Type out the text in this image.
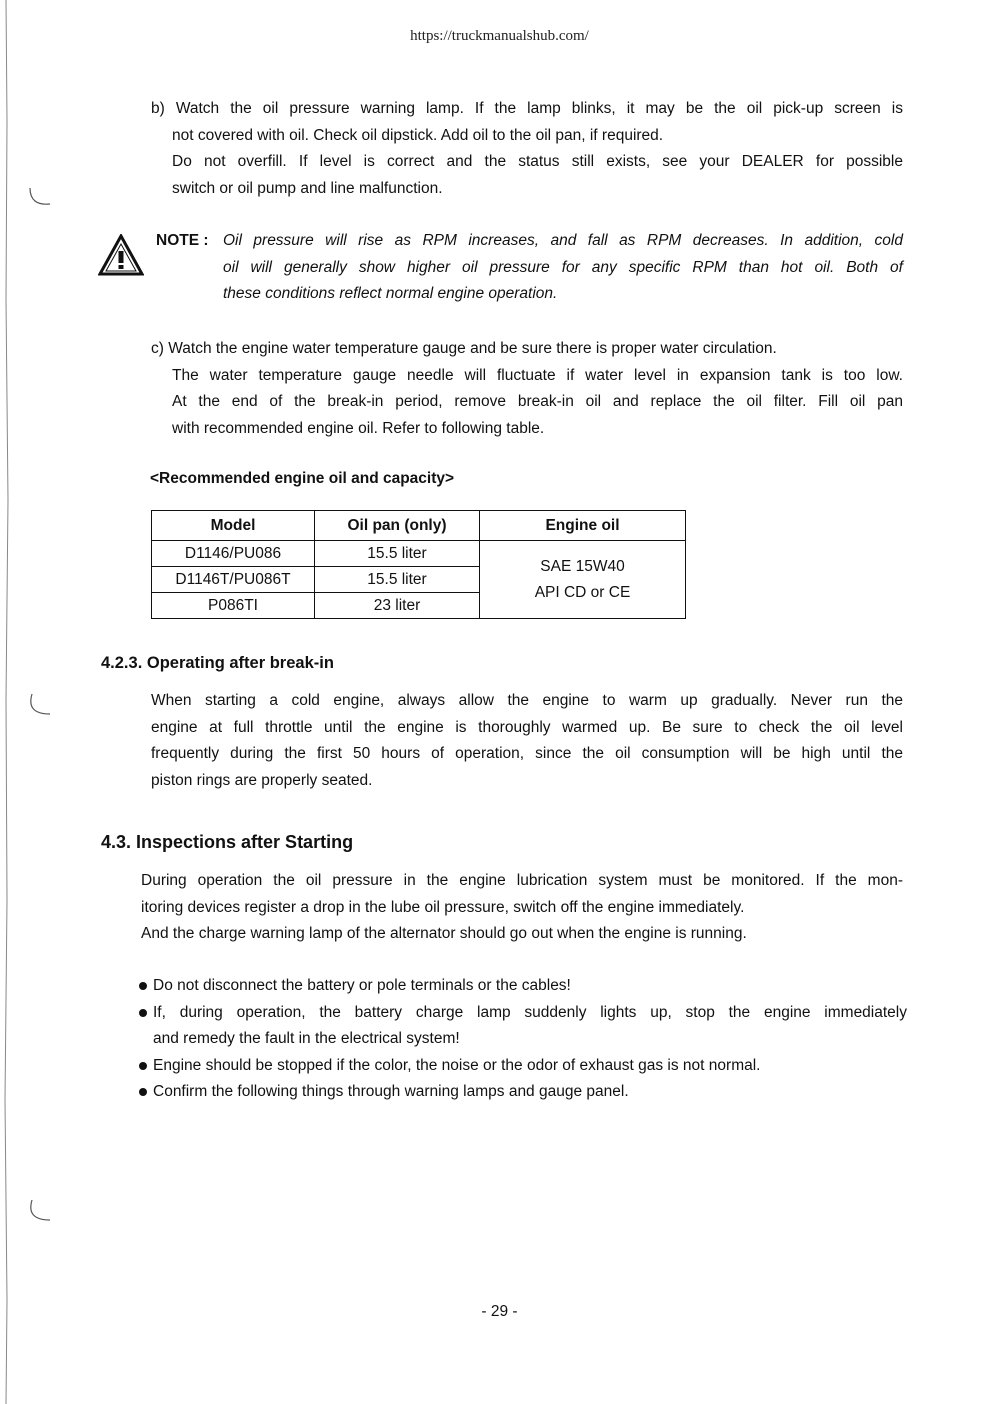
https://truckmanualshub.com/

b) Watch the oil pressure warning lamp. If the lamp blinks, it may be the oil pick-up screen is
not covered with oil. Check oil dipstick. Add oil to the oil pan, if required.
Do not overfill. If level is correct and the status still exists, see your DEALER for possible
switch or oil pump and line malfunction.

NOTE : Oil pressure will rise as RPM increases, and fall as RPM decreases. In addition, cold
oil will generally show higher oil pressure for any specific RPM than hot oil. Both of
these conditions reflect normal engine operation.

c) Watch the engine water temperature gauge and be sure there is proper water circulation.
The water temperature gauge needle will fluctuate if water level in expansion tank is too low.
At the end of the break-in period, remove break-in oil and replace the oil filter. Fill oil pan
with recommended engine oil. Refer to following table.

<Recommended engine oil and capacity>
Model	Oil pan (only)	Engine oil
D1146/PU086	15.5 liter	SAE 15W40
API CD or CE

D1146T/PU086T	15.5 liter	
P086TI	23 liter	
4.2.3. Operating after break-in

When starting a cold engine, always allow the engine to warm up gradually. Never run the
engine at full throttle until the engine is thoroughly warmed up. Be sure to check the oil level
frequently during the first 50 hours of operation, since the oil consumption will be high until the
piston rings are properly seated.

4.3. Inspections after Starting

During operation the oil pressure in the engine lubrication system must be monitored. If the mon-
itoring devices register a drop in the lube oil pressure, switch off the engine immediately.
And the charge warning lamp of the alternator should go out when the engine is running.

Do not disconnect the battery or pole terminals or the cables!
If, during operation, the battery charge lamp suddenly lights up, stop the engine immediately
and remedy the fault in the electrical system!
Engine should be stopped if the color, the noise or the odor of exhaust gas is not normal.
Confirm the following things through warning lamps and gauge panel.
- 29 -
